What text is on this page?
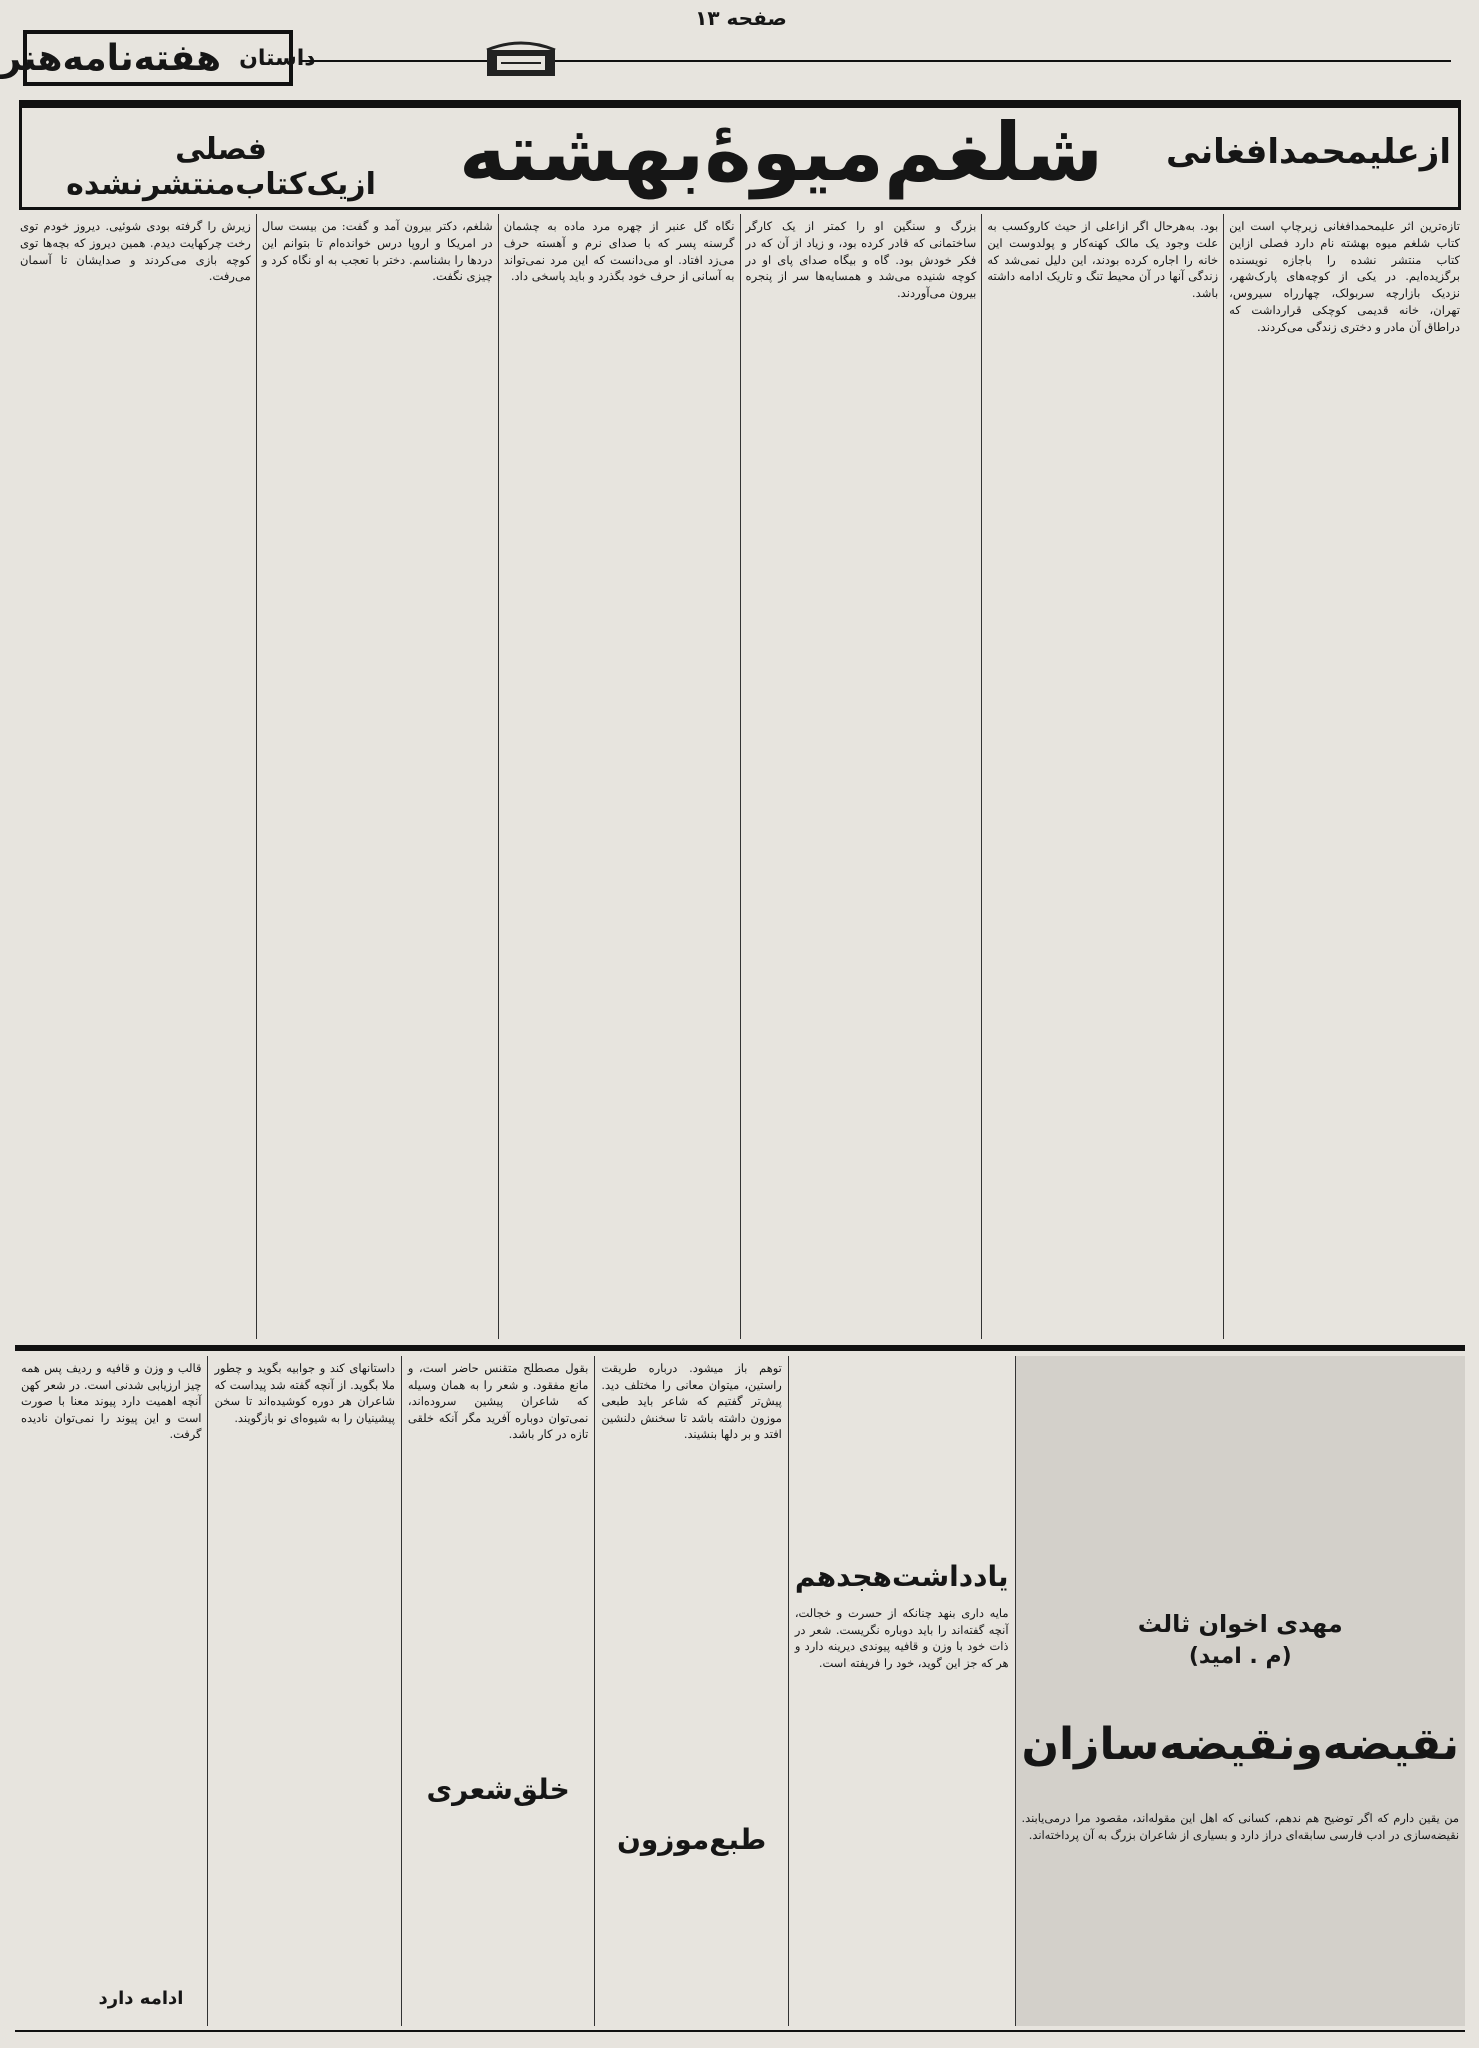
صفحه ۱۳
داستان
هفته‌نامه‌هنر
ازعلیمحمدافغانی
شلغم‌میوۀ‌بهشته
فصلی ازیک‌کتاب‌منتشرنشده

تازه‌ترین اثر علیمحمدافغانی زیرچاپ است این کتاب شلغم میوه بهشته نام دارد فصلی ازاین کتاب منتشر نشده را باجازه نویسنده برگزیده‌ایم. در یکی از کوچه‌های پارک‌شهر، نزدیک بازارچه سربولک، چهارراه سیروس، تهران، خانه قدیمی کوچکی قرارداشت که دراطاق آن مادر و دختری زندگی می‌کردند.

بود. به‌هرحال اگر ازاعلی از حیث کاروکسب به علت وجود یک مالک کهنه‌کار و پولدوست این خانه را اجاره کرده بودند، این دلیل نمی‌شد که زندگی آنها در آن محیط تنگ و تاریک ادامه داشته باشد.

بزرگ و سنگین او را کمتر از یک کارگر ساختمانی که قادر کرده بود، و زیاد از آن که در فکر خودش بود. گاه و بیگاه صدای پای او در کوچه شنیده می‌شد و همسایه‌ها سر از پنجره بیرون می‌آوردند.

نگاه گل عنبر از چهره مرد ماده به چشمان گرسنه پسر که با صدای نرم و آهسته حرف می‌زد افتاد. او می‌دانست که این مرد نمی‌تواند به آسانی از حرف خود بگذرد و باید پاسخی داد.

شلغم، دکتر بیرون آمد و گفت: من بیست سال در امریکا و اروپا درس خوانده‌ام تا بتوانم این دردها را بشناسم. دختر با تعجب به او نگاه کرد و چیزی نگفت.

زیرش را گرفته بودی شوئیی. دیروز خودم توی رخت چرکهایت دیدم. همین دیروز که بچه‌ها توی کوچه بازی می‌کردند و صدایشان تا آسمان می‌رفت.

مهدی اخوان ثالث
(م . امید)
نقیضه‌ونقیضه‌سازان

من یقین دارم که اگر توضیح هم ندهم، کسانی که اهل این مقوله‌اند، مقصود مرا درمی‌یابند. نقیضه‌سازی در ادب فارسی سابقه‌ای دراز دارد و بسیاری از شاعران بزرگ به آن پرداخته‌اند.

یادداشت‌هجدهم

مایه داری بنهد چنانکه از حسرت و خجالت، آنچه گفته‌اند را باید دوباره نگریست. شعر در ذات خود با وزن و قافیه پیوندی دیرینه دارد و هر که جز این گوید، خود را فریفته است.

توهم باز میشود. درباره طریقت راستین، میتوان معانی را مختلف دید. پیش‌تر گفتیم که شاعر باید طبعی موزون داشته باشد تا سخنش دلنشین افتد و بر دلها بنشیند.

طبع‌موزون

بقول مصطلح متقنس حاضر است، و مانع مفقود. و شعر را به همان وسیله که شاعران پیشین سروده‌اند، نمی‌توان دوباره آفرید مگر آنکه خلقی تازه در کار باشد.

خلق‌شعری

داستانهای کند و جوابیه بگوید و چطور ملا بگوید. از آنچه گفته شد پیداست که شاعران هر دوره کوشیده‌اند تا سخن پیشینیان را به شیوه‌ای نو بازگویند.

قالب و وزن و قافیه و ردیف پس همه چیز ارزیابی شدنی است. در شعر کهن آنچه اهمیت دارد پیوند معنا با صورت است و این پیوند را نمی‌توان نادیده گرفت.

ادامه دارد
